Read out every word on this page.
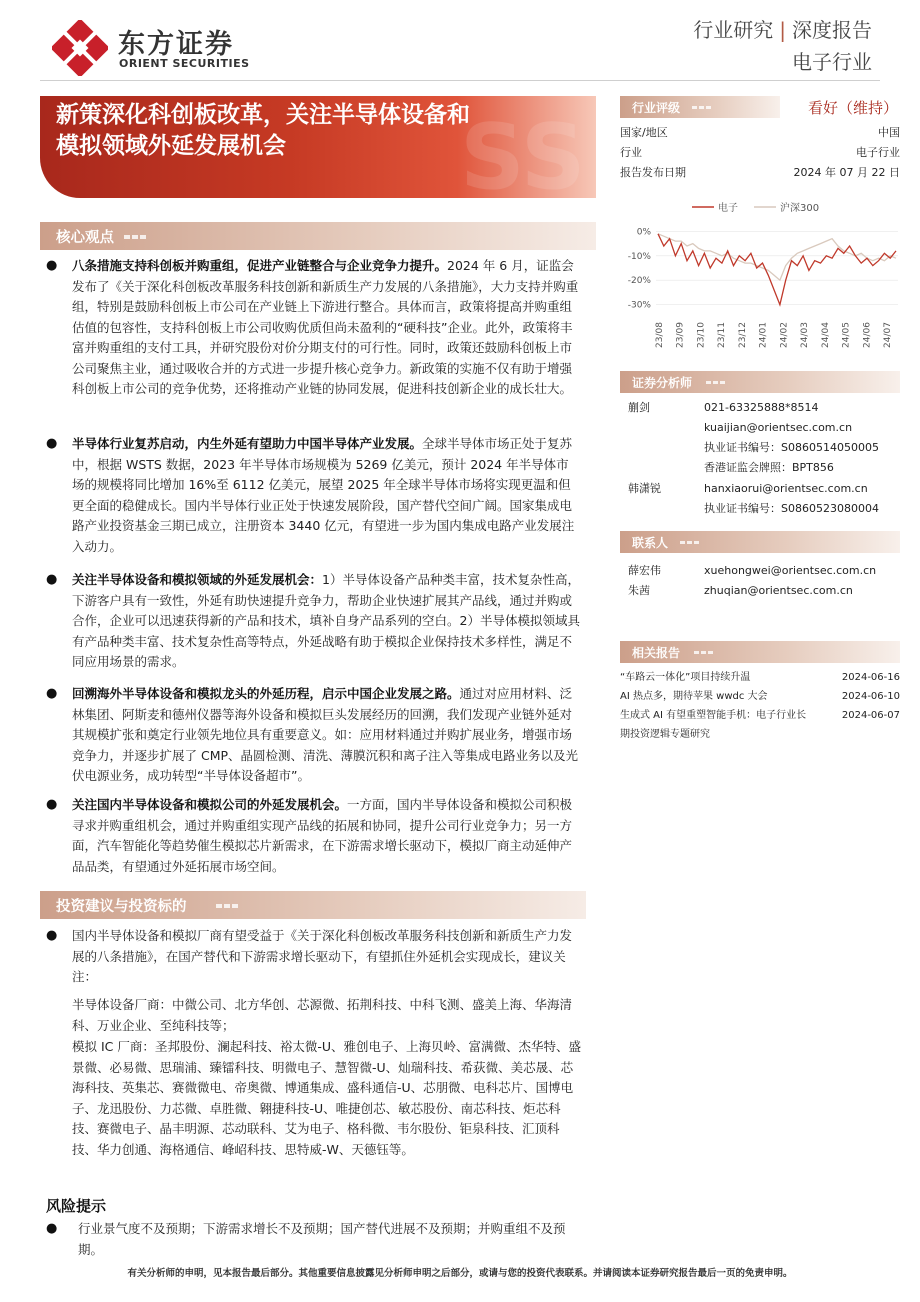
东方证券
ORIENT SECURITIES
行业研究 | 深度报告
电子行业
SS
新策深化科创板改革，关注半导体设备和
模拟领域外延发展机会
核心观点
● 八条措施支持科创板并购重组，促进产业链整合与企业竞争力提升。2024 年 6 月，证监会发布了《关于深化科创板改革服务科技创新和新质生产力发展的八条措施》，大力支持并购重组，特别是鼓励科创板上市公司在产业链上下游进行整合。具体而言，政策将提高并购重组估值的包容性，支持科创板上市公司收购优质但尚未盈利的“硬科技”企业。此外，政策将丰富并购重组的支付工具，并研究股份对价分期支付的可行性。同时，政策还鼓励科创板上市公司聚焦主业，通过吸收合并的方式进一步提升核心竞争力。新政策的实施不仅有助于增强科创板上市公司的竞争优势，还将推动产业链的协同发展，促进科技创新企业的成长壮大。
● 半导体行业复苏启动，内生外延有望助力中国半导体产业发展。全球半导体市场正处于复苏中，根据 WSTS 数据，2023 年半导体市场规模为 5269 亿美元，预计 2024 年半导体市场的规模将同比增加 16%至 6112 亿美元，展望 2025 年全球半导体市场将实现更温和但更全面的稳健成长。国内半导体行业正处于快速发展阶段，国产替代空间广阔。国家集成电路产业投资基金三期已成立，注册资本 3440 亿元，有望进一步为国内集成电路产业发展注入动力。
● 关注半导体设备和模拟领域的外延发展机会：1）半导体设备产品种类丰富，技术复杂性高，下游客户具有一致性，外延有助快速提升竞争力，帮助企业快速扩展其产品线，通过并购或合作，企业可以迅速获得新的产品和技术，填补自身产品系列的空白。2）半导体模拟领域具有产品种类丰富、技术复杂性高等特点，外延战略有助于模拟企业保持技术多样性，满足不同应用场景的需求。
● 回溯海外半导体设备和模拟龙头的外延历程，启示中国企业发展之路。通过对应用材料、泛林集团、阿斯麦和德州仪器等海外设备和模拟巨头发展经历的回溯，我们发现产业链外延对其规模扩张和奠定行业领先地位具有重要意义。如：应用材料通过并购扩展业务，增强市场竞争力，并逐步扩展了 CMP、晶圆检测、清洗、薄膜沉积和离子注入等集成电路业务以及光伏电源业务，成功转型“半导体设备超市”。
● 关注国内半导体设备和模拟公司的外延发展机会。一方面，国内半导体设备和模拟公司积极寻求并购重组机会，通过并购重组实现产品线的拓展和协同，提升公司行业竞争力；另一方面，汽车智能化等趋势催生模拟芯片新需求，在下游需求增长驱动下，模拟厂商主动延伸产品品类，有望通过外延拓展市场空间。
投资建议与投资标的
● 国内半导体设备和模拟厂商有望受益于《关于深化科创板改革服务科技创新和新质生产力发展的八条措施》，在国产替代和下游需求增长驱动下，有望抓住外延机会实现成长，建议关注：
半导体设备厂商：中微公司、北方华创、芯源微、拓荆科技、中科飞测、盛美上海、华海清科、万业企业、至纯科技等；
模拟 IC 厂商：圣邦股份、澜起科技、裕太微-U、雅创电子、上海贝岭、富满微、杰华特、盛景微、必易微、思瑞浦、臻镭科技、明微电子、慧智微-U、灿瑞科技、希荻微、美芯晟、芯海科技、英集芯、赛微微电、帝奥微、博通集成、盛科通信-U、芯朋微、电科芯片、国博电子、龙迅股份、力芯微、卓胜微、翱捷科技-U、唯捷创芯、敏芯股份、南芯科技、炬芯科技、赛微电子、晶丰明源、芯动联科、艾为电子、格科微、韦尔股份、钜泉科技、汇顶科技、华力创通、海格通信、峰岹科技、思特威-W、天德钰等。
风险提示
● 行业景气度不及预期；下游需求增长不及预期；国产替代进展不及预期；并购重组不及预期。
行业评级	看好（维持）
国家/地区	中国
行业	电子行业
报告发布日期	2024 年 07 月 22 日
电子	沪深300
0%
-10%
-20%
-30%
23/08 23/09 23/10 23/11 23/12 24/01 24/02 24/03 24/04 24/05 24/06 24/07
证券分析师
蒯剑	021-63325888*8514
kuaijian@orientsec.com.cn
执业证书编号：S0860514050005
香港证监会牌照：BPT856
韩潇锐	hanxiaorui@orientsec.com.cn
执业证书编号：S0860523080004
联系人
薛宏伟	xuehongwei@orientsec.com.cn
朱茜	zhuqian@orientsec.com.cn
相关报告
“车路云一体化”项目持续升温	2024-06-16
AI 热点多，期待苹果 wwdc 大会	2024-06-10
生成式 AI 有望重塑智能手机：电子行业长	2024-06-07
期投资逻辑专题研究
有关分析师的申明，见本报告最后部分。其他重要信息披露见分析师申明之后部分，或请与您的投资代表联系。并请阅读本证券研究报告最后一页的免责申明。
